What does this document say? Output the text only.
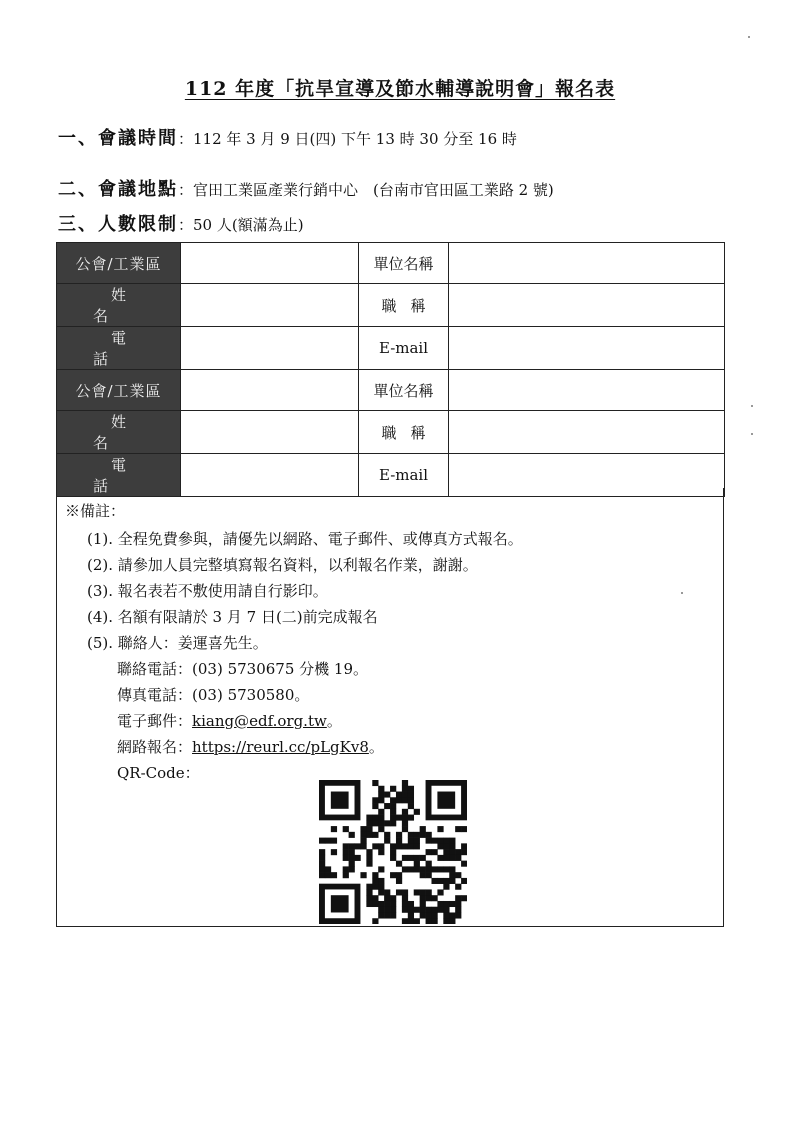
112 年度「抗旱宣導及節水輔導說明會」報名表
一、會議時間：112 年 3 月 9 日(四) 下午 13 時 30 分至 16 時
二、會議地點：官田工業區產業行銷中心　(台南市官田區工業路 2 號)
三、人數限制：50 人(額滿為止)
公會/工業區		單位名稱	
姓名		職稱	
電話		E-mail	
公會/工業區		單位名稱	
姓名		職稱	
電話		E-mail	
※備註：
(1). 全程免費參與，請優先以網路、電子郵件、或傳真方式報名。
(2). 請參加人員完整填寫報名資料，以利報名作業，謝謝。
(3). 報名表若不敷使用請自行影印。
(4). 名額有限請於 3 月 7 日(二)前完成報名
(5). 聯絡人：姜運喜先生。
聯絡電話：(03) 5730675 分機 19。
傳真電話：(03) 5730580。
電子郵件：kiang@edf.org.tw。
網路報名：https://reurl.cc/pLgKv8。
QR-Code：
